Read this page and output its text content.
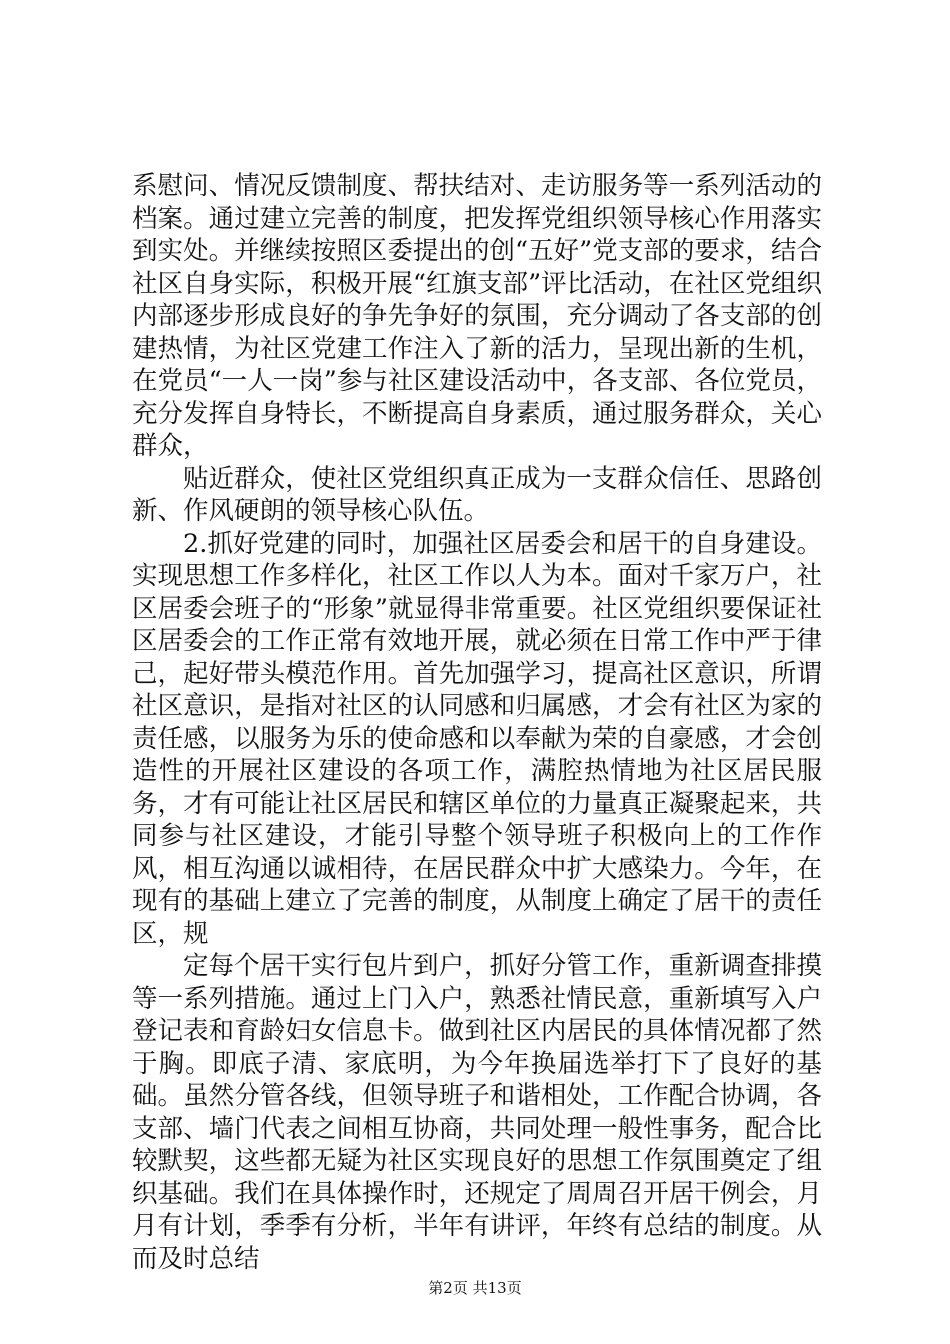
系慰问、情况反馈制度、帮扶结对、走访服务等一系列活动的档案。通过建立完善的制度，把发挥党组织领导核心作用落实到实处。并继续按照区委提出的创“五好”党支部的要求，结合社区自身实际，积极开展“红旗支部”评比活动，在社区党组织内部逐步形成良好的争先争好的氛围，充分调动了各支部的创建热情，为社区党建工作注入了新的活力，呈现出新的生机，在党员“一人一岗”参与社区建设活动中，各支部、各位党员，充分发挥自身特长，不断提高自身素质，通过服务群众，关心群众，

贴近群众，使社区党组织真正成为一支群众信任、思路创新、作风硬朗的领导核心队伍。

2.抓好党建的同时，加强社区居委会和居干的自身建设。实现思想工作多样化，社区工作以人为本。面对千家万户，社区居委会班子的“形象”就显得非常重要。社区党组织要保证社区居委会的工作正常有效地开展，就必须在日常工作中严于律己，起好带头模范作用。首先加强学习，提高社区意识，所谓社区意识，是指对社区的认同感和归属感，才会有社区为家的责任感，以服务为乐的使命感和以奉献为荣的自豪感，才会创造性的开展社区建设的各项工作，满腔热情地为社区居民服务，才有可能让社区居民和辖区单位的力量真正凝聚起来，共同参与社区建设，才能引导整个领导班子积极向上的工作作风，相互沟通以诚相待，在居民群众中扩大感染力。今年，在现有的基础上建立了完善的制度，从制度上确定了居干的责任区，规

定每个居干实行包片到户，抓好分管工作，重新调查排摸等一系列措施。通过上门入户，熟悉社情民意，重新填写入户登记表和育龄妇女信息卡。做到社区内居民的具体情况都了然于胸。即底子清、家底明，为今年换届选举打下了良好的基础。虽然分管各线，但领导班子和谐相处，工作配合协调，各支部、墙门代表之间相互协商，共同处理一般性事务，配合比较默契，这些都无疑为社区实现良好的思想工作氛围奠定了组织基础。我们在具体操作时，还规定了周周召开居干例会，月月有计划，季季有分析，半年有讲评，年终有总结的制度。从而及时总结

第2页 共13页
